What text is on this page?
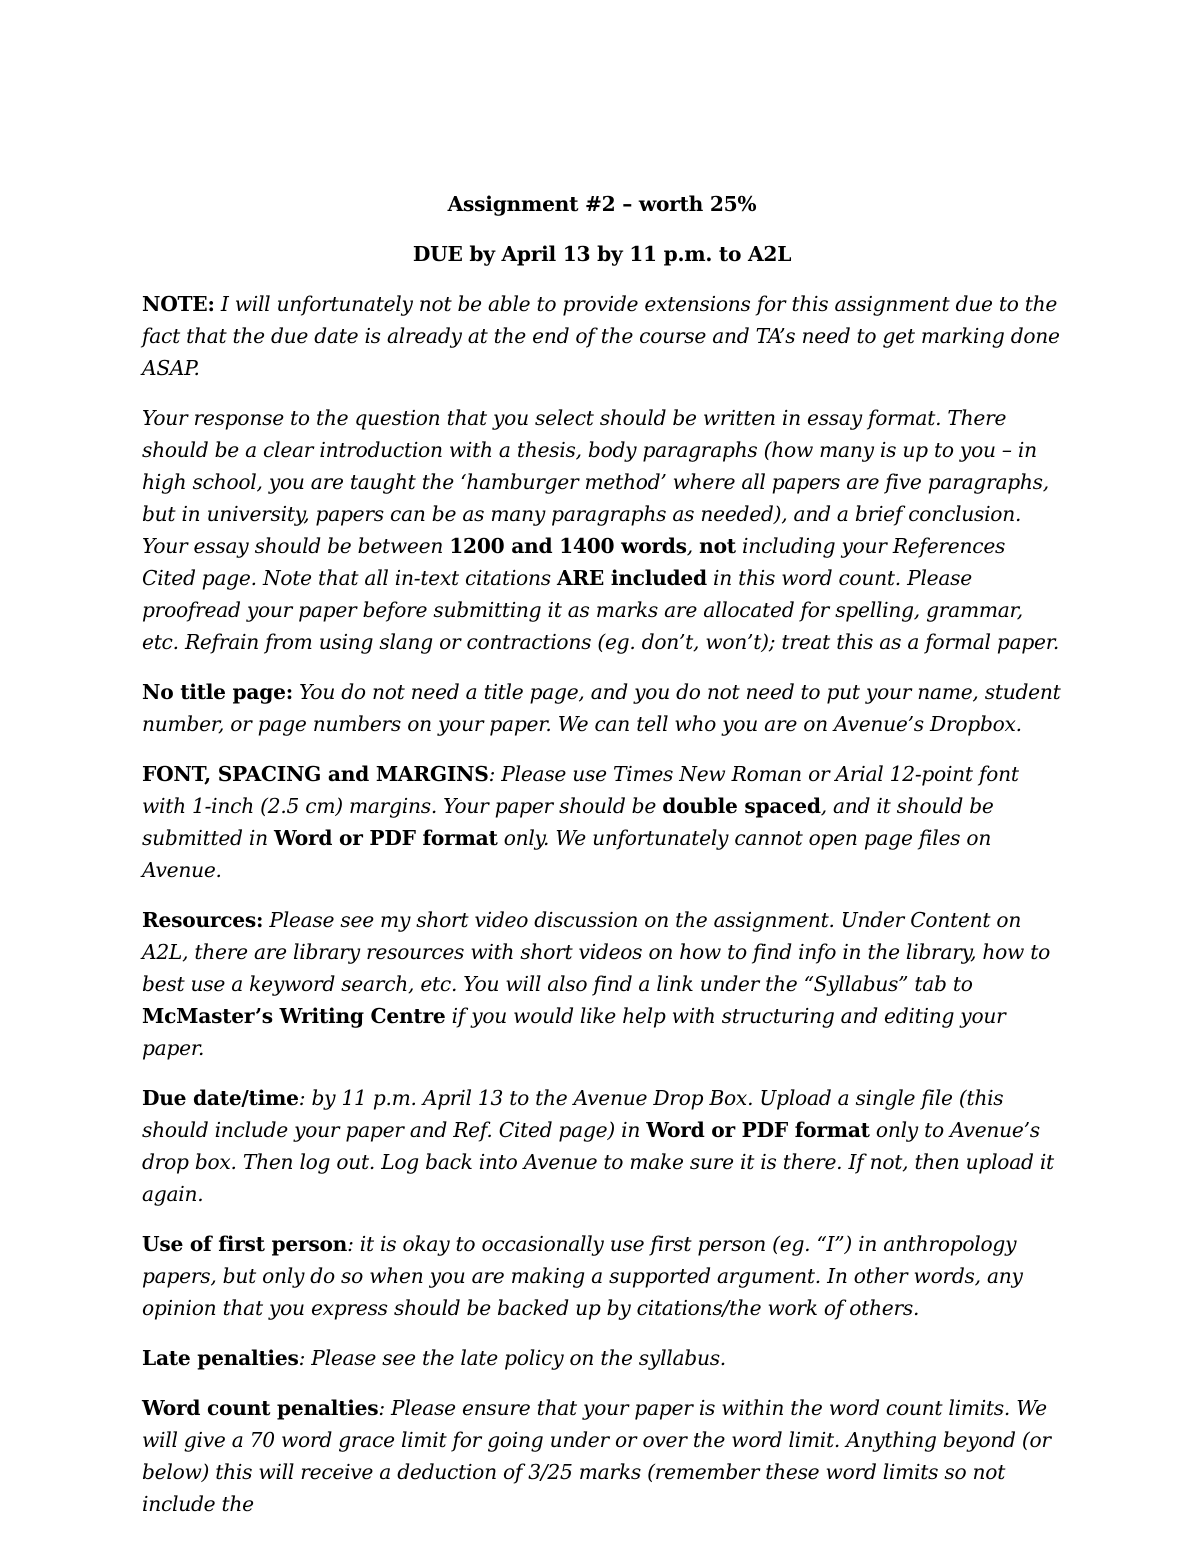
Assignment #2 – worth 25%
DUE by April 13 by 11 p.m. to A2L

NOTE: I will unfortunately not be able to provide extensions for this assignment due to the fact that the due date is already at the end of the course and TA’s need to get marking done ASAP.

Your response to the question that you select should be written in essay format. There should be a clear introduction with a thesis, body paragraphs (how many is up to you – in high school, you are taught the ‘hamburger method’ where all papers are five paragraphs, but in university, papers can be as many paragraphs as needed), and a brief conclusion. Your essay should be between 1200 and 1400 words, not including your References Cited page. Note that all in-text citations ARE included in this word count. Please proofread your paper before submitting it as marks are allocated for spelling, grammar, etc. Refrain from using slang or contractions (eg. don’t, won’t); treat this as a formal paper.

No title page: You do not need a title page, and you do not need to put your name, student number, or page numbers on your paper. We can tell who you are on Avenue’s Dropbox.

FONT, SPACING and MARGINS: Please use Times New Roman or Arial 12-point font with 1-inch (2.5 cm) margins. Your paper should be double spaced, and it should be submitted in Word or PDF format only. We unfortunately cannot open page files on Avenue.

Resources: Please see my short video discussion on the assignment. Under Content on A2L, there are library resources with short videos on how to find info in the library, how to best use a keyword search, etc. You will also find a link under the “Syllabus” tab to McMaster’s Writing Centre if you would like help with structuring and editing your paper.

Due date/time: by 11 p.m. April 13 to the Avenue Drop Box. Upload a single file (this should include your paper and Ref. Cited page) in Word or PDF format only to Avenue’s drop box. Then log out. Log back into Avenue to make sure it is there. If not, then upload it again.

Use of first person: it is okay to occasionally use first person (eg. “I”) in anthropology papers, but only do so when you are making a supported argument. In other words, any opinion that you express should be backed up by citations/the work of others.

Late penalties: Please see the late policy on the syllabus.

Word count penalties: Please ensure that your paper is within the word count limits. We will give a 70 word grace limit for going under or over the word limit. Anything beyond (or below) this will receive a deduction of 3/25 marks (remember these word limits so not include the
